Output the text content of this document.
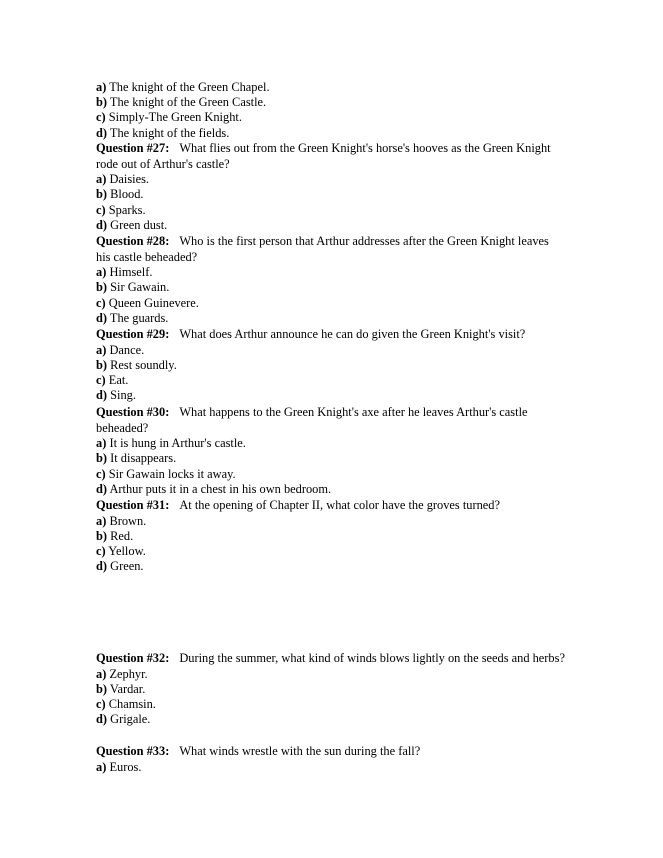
a) The knight of the Green Chapel.
b) The knight of the Green Castle.
c) Simply-The Green Knight.
d) The knight of the fields.
Question #27: What flies out from the Green Knight's horse's hooves as the Green Knight rode out of Arthur's castle?
a) Daisies.
b) Blood.
c) Sparks.
d) Green dust.
Question #28: Who is the first person that Arthur addresses after the Green Knight leaves his castle beheaded?
a) Himself.
b) Sir Gawain.
c) Queen Guinevere.
d) The guards.
Question #29: What does Arthur announce he can do given the Green Knight's visit?
a) Dance.
b) Rest soundly.
c) Eat.
d) Sing.
Question #30: What happens to the Green Knight's axe after he leaves Arthur's castle beheaded?
a) It is hung in Arthur's castle.
b) It disappears.
c) Sir Gawain locks it away.
d) Arthur puts it in a chest in his own bedroom.
Question #31: At the opening of Chapter II, what color have the groves turned?
a) Brown.
b) Red.
c) Yellow.
d) Green.
Question #32: During the summer, what kind of winds blows lightly on the seeds and herbs?
a) Zephyr.
b) Vardar.
c) Chamsin.
d) Grigale.
Question #33: What winds wrestle with the sun during the fall?
a) Euros.
